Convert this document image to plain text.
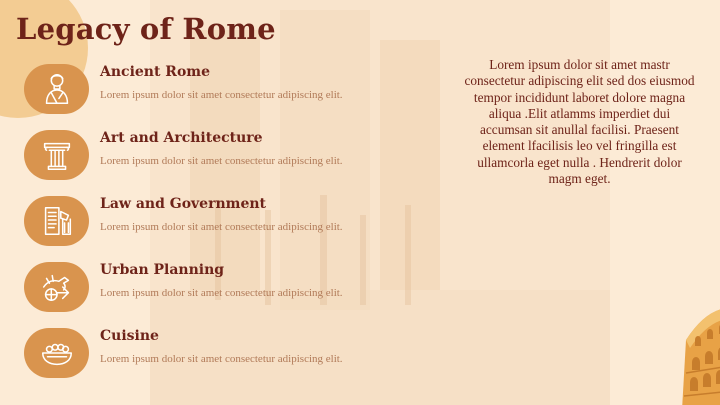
Legacy of Rome
Ancient Rome
Lorem ipsum dolor sit amet consectetur adipiscing elit.
Art and Architecture
Lorem ipsum dolor sit amet consectetur adipiscing elit.
Law and Government
Lorem ipsum dolor sit amet consectetur adipiscing elit.
Urban Planning
Lorem ipsum dolor sit amet consectetur adipiscing elit.
Cuisine
Lorem ipsum dolor sit amet consectetur adipiscing elit.
Lorem ipsum dolor sit amet mastr consectetur adipiscing elit sed dos eiusmod tempor incididunt laboret dolore magna aliqua .Elit atlamms imperdiet dui accumsan sit anullal facilisi. Praesent element lfacilisis leo vel fringilla est ullamcorla eget nulla . Hendrerit dolor magm eget.
